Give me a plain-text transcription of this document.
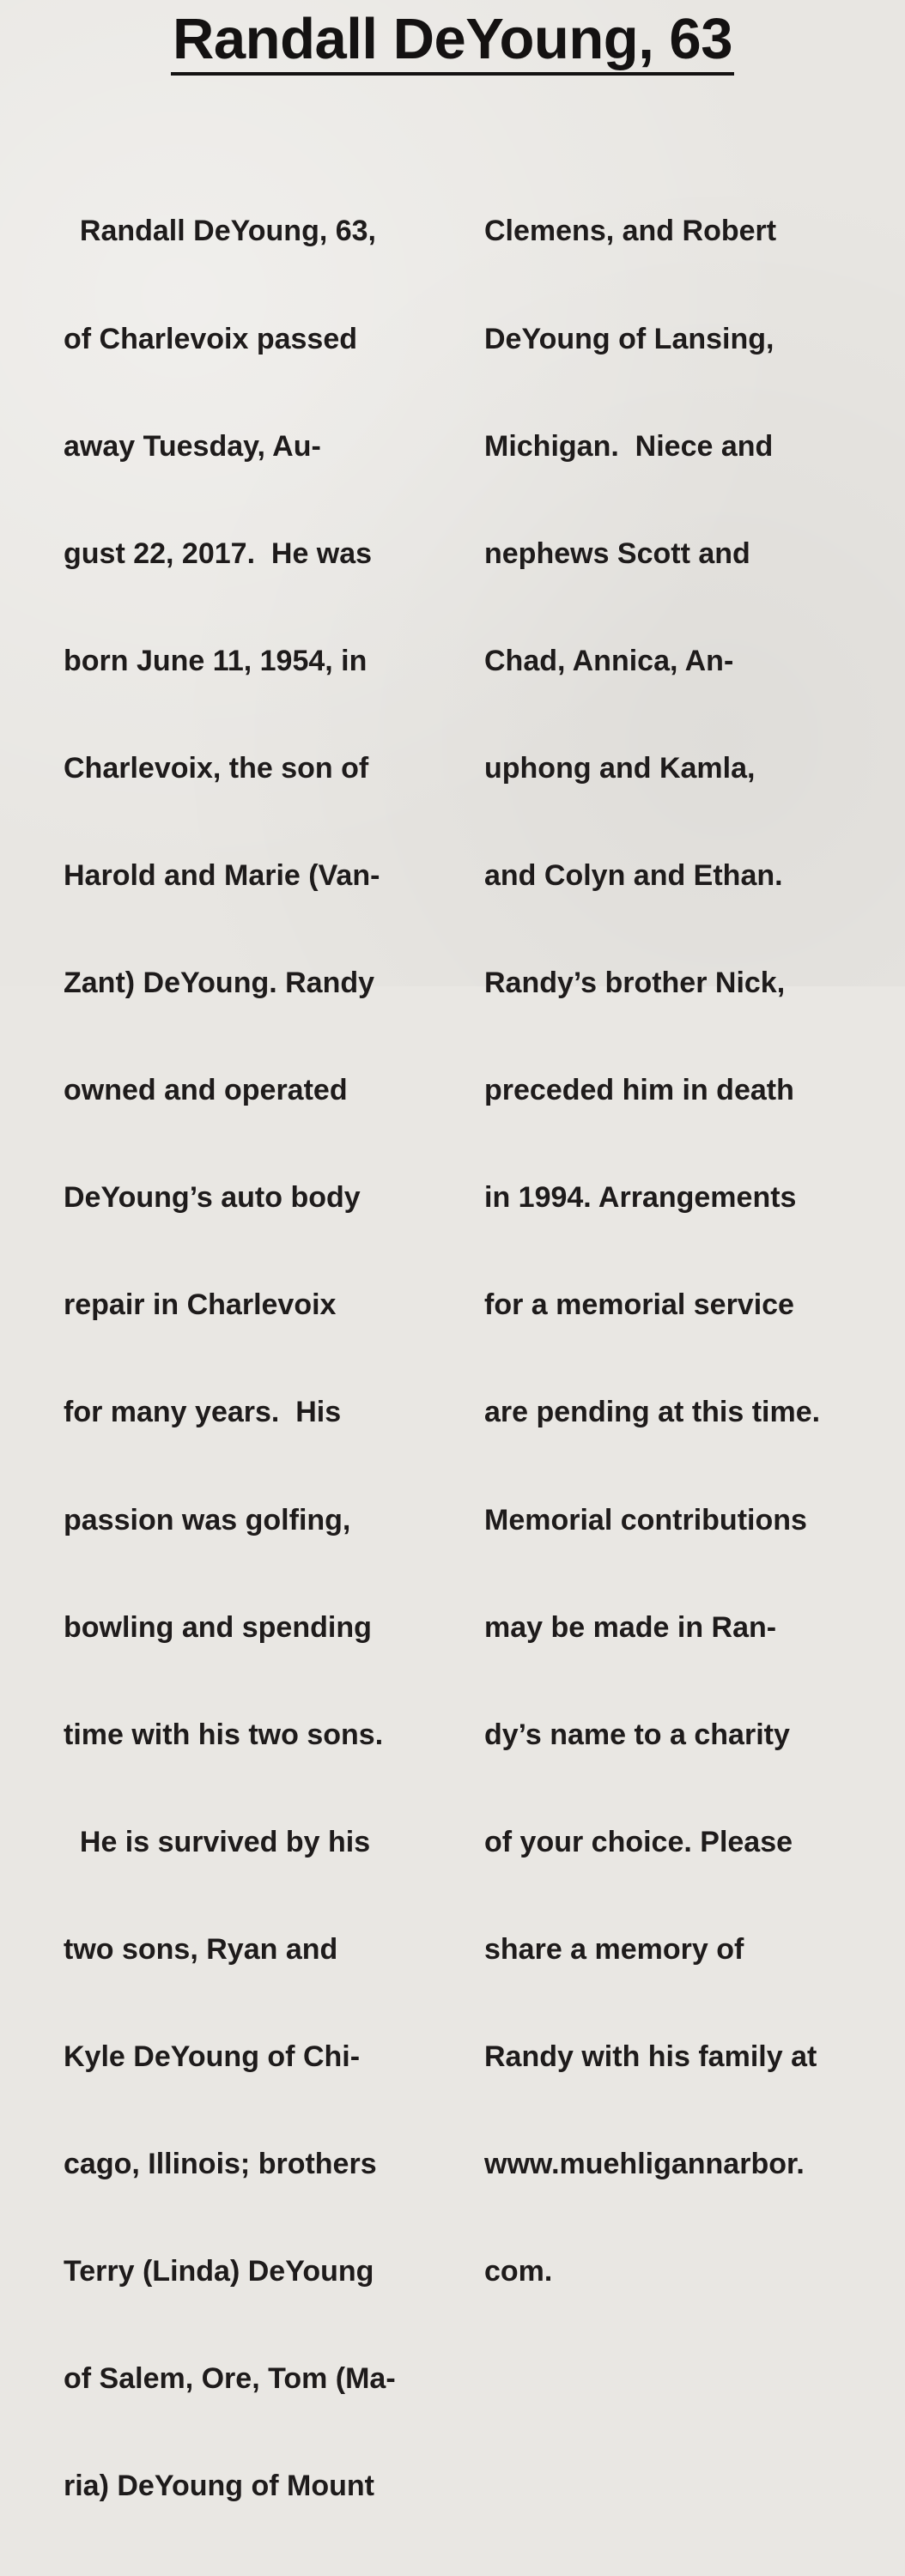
Randall DeYoung, 63

Randall DeYoung, 63,

of Charlevoix passed

away Tuesday, Au-

gust 22, 2017.  He was

born June 11, 1954, in

Charlevoix, the son of

Harold and Marie (Van-

Zant) DeYoung. Randy

owned and operated

DeYoung’s auto body

repair in Charlevoix

for many years.  His

passion was golfing,

bowling and spending

time with his two sons.

He is survived by his

two sons, Ryan and

Kyle DeYoung of Chi-

cago, Illinois; brothers

Terry (Linda) DeYoung

of Salem, Ore, Tom (Ma-

ria) DeYoung of Mount

Clemens, and Robert

DeYoung of Lansing,

Michigan.  Niece and

nephews Scott and

Chad, Annica, An-

uphong and Kamla,

and Colyn and Ethan.

Randy’s brother Nick,

preceded him in death

in 1994. Arrangements

for a memorial service

are pending at this time.

Memorial contributions

may be made in Ran-

dy’s name to a charity

of your choice. Please

share a memory of

Randy with his family at

www.muehligannarbor.

com.
